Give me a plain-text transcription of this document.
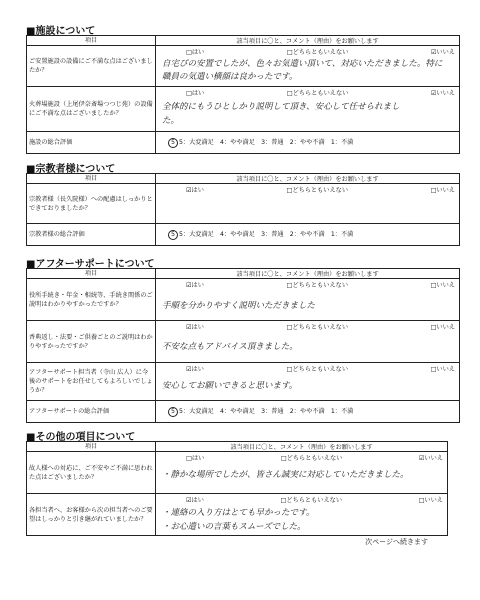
■施設について
項目	該当項目に〇と、コメント（理由）をお願いします
ご安置施設の設備にご不満な点はございましたか？	□はい □どちらともいえない ☑いいえ
自宅ぴの安置でしたが、色々お気遣い頂いて、対応いただきました。特に
職員の気遣い横顔は良かったです。

火葬場施設（上尾伊奈斎場つつじ苑）の設備にご不満な点はございましたか？	□はい □どちらともいえない ☑いいえ
全体的にもうひとしかり説明して頂き、安心して任せられまし
た。

施設の総合評価	5 5：大変満足　4：やや満足　3：普通　2：やや不満　1：不満
■宗教者様について
項目	該当項目に〇と、コメント（理由）をお願いします
宗教者様（長久院様）への配慮はしっかりとできておりましたか？	☑はい □どちらともいえない □いいえ

宗教者様の総合評価	5 5：大変満足　4：やや満足　3：普通　2：やや不満　1：不満
■アフターサポートについて
項目	該当項目に〇と、コメント（理由）をお願いします
役所手続き・年金・相続等、手続き関係のご説明はわかりやすかったですか？	☑はい □どちらともいえない □いいえ
手順を分かりやすく説明いただきました

香典返し・法要・ご供養ごとのご説明はわかりやすかったですか？	☑はい □どちらともいえない □いいえ
不安な点もアドバイス頂きました。

アフターサポート担当者（寺山 広人）に今後のサポートをお任せしてもよろしいでしょうか？	☑はい □どちらともいえない □いいえ
安心してお願いできると思います。

アフターサポートの総合評価	5 5：大変満足　4：やや満足　3：普通　2：やや不満　1：不満
■その他の項目について
項目	該当項目に〇と、コメント（理由）をお願いします
故人様への対応に、ご不安やご不満に思われた点はございましたか？	□はい □どちらともいえない ☑いいえ
・静かな場所でしたが、皆さん誠実に対応していただきました。

各担当者へ、お客様から次の担当者へのご要望はしっかりと引き継がれていましたか？	☑はい □どちらともいえない □いいえ
・連絡の入り方はとても早かったです。
・お心遣いの言葉もスムーズでした。
次ページへ続きます
